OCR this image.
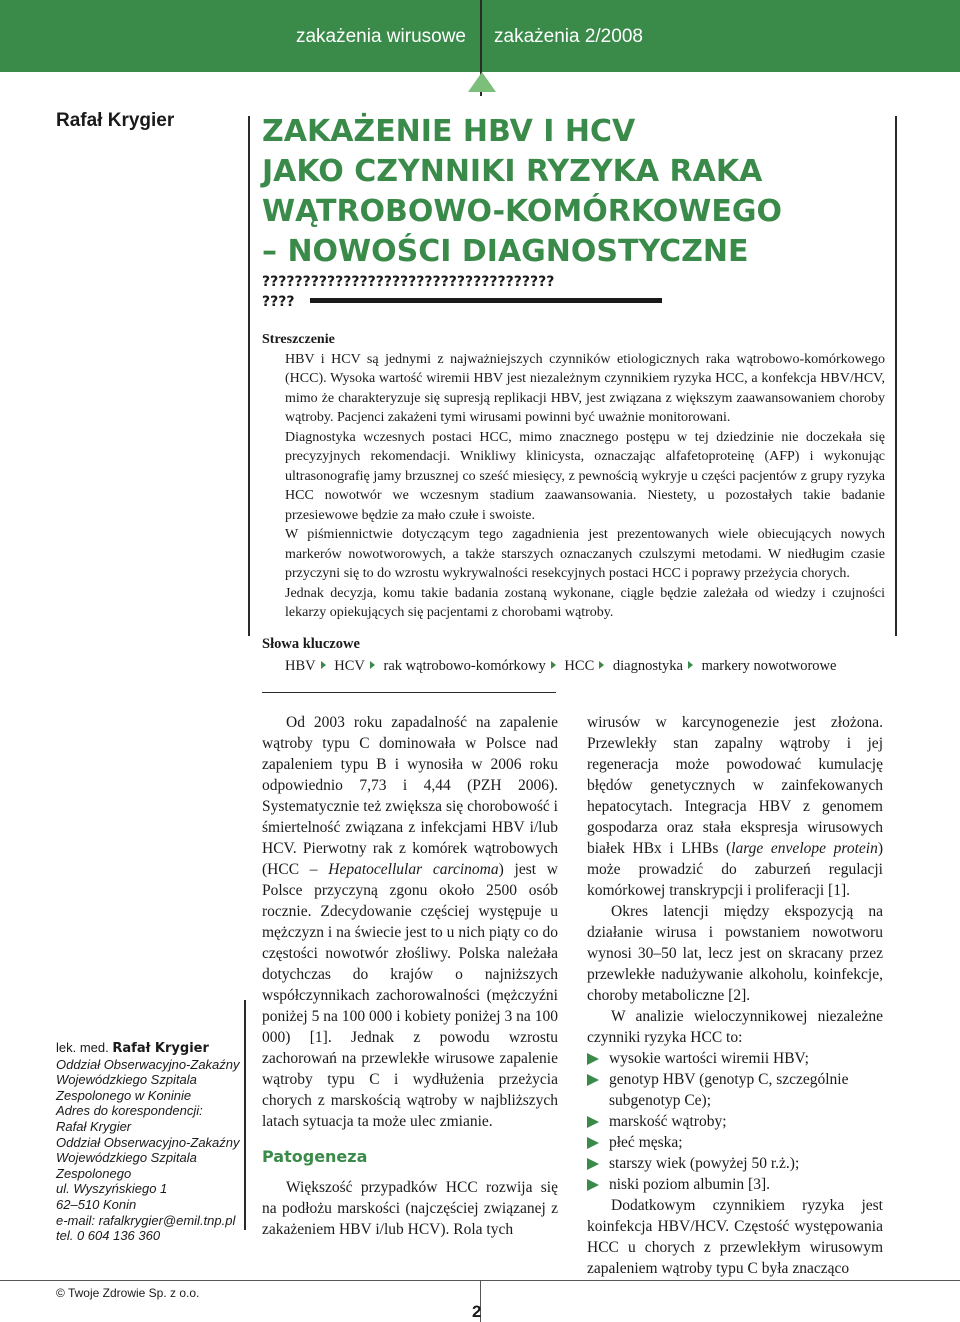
zakażenia wirusowe zakażenia 2/2008
Rafał Krygier	ZAKAŻENIE HBV I HCV
JAKO CZYNNIKI RYZYKA RAKA
WĄTROBOWO-KOMÓRKOWEGO
– NOWOŚCI DIAGNOSTYCZNE
????????????????????????????????????
????

Streszczenie

HBV i HCV są jednymi z najważniejszych czynników etiologicznych raka wątrobowo-komórkowego (HCC). Wysoka wartość wiremii HBV jest niezależnym czynnikiem ryzyka HCC, a konfekcja HBV/HCV, mimo że charakteryzuje się supresją replikacji HBV, jest związana z większym zaawansowaniem choroby wątroby. Pacjenci zakażeni tymi wirusami powinni być uważnie monitorowani.

Diagnostyka wczesnych postaci HCC, mimo znacznego postępu w tej dziedzinie nie doczekała się precyzyjnych rekomendacji. Wnikliwy klinicysta, oznaczając alfafetoproteinę (AFP) i wykonując ultrasonografię jamy brzusznej co sześć miesięcy, z pewnością wykryje u części pacjentów z grupy ryzyka HCC nowotwór we wczesnym stadium zaawansowania. Niestety, u pozostałych takie badanie przesiewowe będzie za mało czułe i swoiste.

W piśmiennictwie dotyczącym tego zagadnienia jest prezentowanych wiele obiecujących nowych markerów nowotworowych, a także starszych oznaczanych czulszymi metodami. W niedługim czasie przyczyni się to do wzrostu wykrywalności resekcyjnych postaci HCC i poprawy przeżycia chorych.

Jednak decyzja, komu takie badania zostaną wykonane, ciągle będzie zależała od wiedzy i czujności lekarzy opiekujących się pacjentami z chorobami wątroby.

Słowa kluczowe
HBV HCV rak wątrobowo-komórkowy HCC diagnostyka markery nowotworowe

Od 2003 roku zapadalność na zapalenie wątroby typu C dominowała w Polsce nad zapaleniem typu B i wynosiła w 2006 roku odpowiednio 7,73 i 4,44 (PZH 2006). Systematycznie też zwiększa się chorobowość i śmiertelność związana z infekcjami HBV i/lub HCV. Pierwotny rak z komórek wątrobowych (HCC – Hepatocellular carcinoma) jest w Polsce przyczyną zgonu około 2500 osób rocznie. Zdecydowanie częściej występuje u mężczyzn i na świecie jest to u nich piąty co do częstości nowotwór złośliwy. Polska należała dotychczas do krajów o najniższych współczynnikach zachorowalności (mężczyźni poniżej 5 na 100 000 i kobiety poniżej 3 na 100 000) [1]. Jednak z powodu wzrostu zachorowań na przewlekłe wirusowe zapalenie wątroby typu C i wydłużenia przeżycia chorych z marskością wątroby w najbliższych latach sytuacja ta może ulec zmianie.

Patogeneza

Większość przypadków HCC rozwija się na podłożu marskości (najczęściej związanej z zakażeniem HBV i/lub HCV). Rola tych

wirusów w karcynogenezie jest złożona. Przewlekły stan zapalny wątroby i jej regeneracja może powodować kumulację błędów genetycznych w zainfekowanych hepatocytach. Integracja HBV z genomem gospodarza oraz stała ekspresja wirusowych białek HBx i LHBs (large envelope protein) może prowadzić do zaburzeń regulacji komórkowej transkrypcji i proliferacji [1].

Okres latencji między ekspozycją na działanie wirusa i powstaniem nowotworu wynosi 30–50 lat, lecz jest on skracany przez przewlekłe nadużywanie alkoholu, koinfekcje, choroby metaboliczne [2].

W analizie wieloczynnikowej niezależne czynniki ryzyka HCC to:

wysokie wartości wiremii HBV;
genotyp HBV (genotyp C, szczególnie subgenotyp Ce);
marskość wątroby;
płeć męska;
starszy wiek (powyżej 50 r.ż.);
niski poziom albumin [3].

Dodatkowym czynnikiem ryzyka jest koinfekcja HBV/HCV. Częstość występowania HCC u chorych z przewlekłym wirusowym zapaleniem wątroby typu C była znacząco

lek. med. Rafał Krygier

Oddział Obserwacyjno-Zakaźny Wojewódzkiego Szpitala Zespolonego w Koninie

Adres do korespondencji:

Rafał Krygier

Oddział Obserwacyjno-Zakaźny Wojewódzkiego Szpitala Zespolonego

ul. Wyszyńskiego 1

62–510 Konin

e-mail: rafalkrygier@emil.tnp.pl

tel. 0 604 136 360

© Twoje Zdrowie Sp. z o.o.
2
